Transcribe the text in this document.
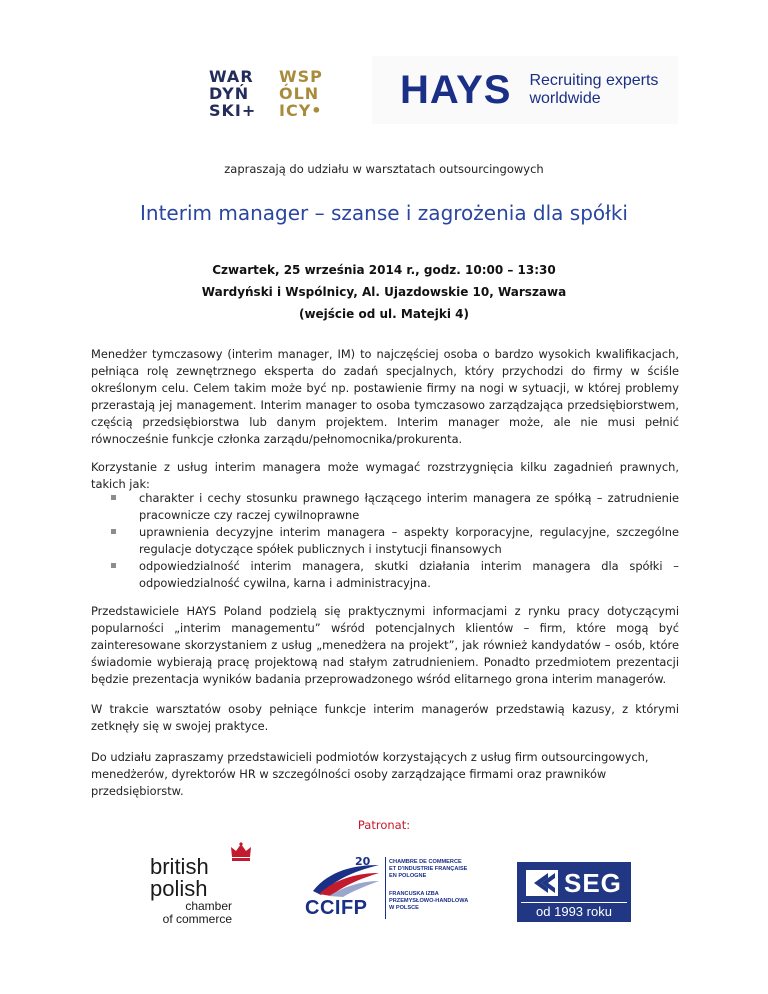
WAR	WSP
DYŃ	ÓLN
SKI+	ICY• HAYS Recruiting experts
worldwide
zapraszają do udziału w warsztatach outsourcingowych
Interim manager – szanse i zagrożenia dla spółki
Czwartek, 25 września 2014 r., godz. 10:00 – 13:30
Wardyński i Wspólnicy, Al. Ujazdowskie 10, Warszawa
(wejście od ul. Matejki 4)

Menedżer tymczasowy (interim manager, IM) to najczęściej osoba o bardzo wysokich kwalifikacjach, pełniąca rolę zewnętrznego eksperta do zadań specjalnych, który przychodzi do firmy w ściśle określonym celu. Celem takim może być np. postawienie firmy na nogi w sytuacji, w której problemy przerastają jej management. Interim manager to osoba tymczasowo zarządzająca przedsiębiorstwem, częścią przedsiębiorstwa lub danym projektem. Interim manager może, ale nie musi pełnić równocześnie funkcje członka zarządu/pełnomocnika/prokurenta.

Korzystanie z usług interim managera może wymagać rozstrzygnięcia kilku zagadnień prawnych, takich jak:

charakter i cechy stosunku prawnego łączącego interim managera ze spółką – zatrudnienie pracownicze czy raczej cywilnoprawne
uprawnienia decyzyjne interim managera – aspekty korporacyjne, regulacyjne, szczególne regulacje dotyczące spółek publicznych i instytucji finansowych
odpowiedzialność interim managera, skutki działania interim managera dla spółki – odpowiedzialność cywilna, karna i administracyjna.

Przedstawiciele HAYS Poland podzielą się praktycznymi informacjami z rynku pracy dotyczącymi popularności „interim managementu” wśród potencjalnych klientów – firm, które mogą być zainteresowane skorzystaniem z usług „menedżera na projekt”, jak również kandydatów – osób, które świadomie wybierają pracę projektową nad stałym zatrudnieniem. Ponadto przedmiotem prezentacji będzie prezentacja wyników badania przeprowadzonego wśród elitarnego grona interim managerów.

W trakcie warsztatów osoby pełniące funkcje interim managerów przedstawią kazusy, z którymi zetknęły się w swojej praktyce.

Do udziału zapraszamy przedstawicieli podmiotów korzystających z usług firm outsourcingowych, menedżerów, dyrektorów HR w szczególności osoby zarządzające firmami oraz prawników przedsiębiorstw.

Patronat:
british
polish
chamber
of commerce
20
CCIFP
CHAMBRE DE COMMERCE
ET D'INDUSTRIE FRANÇAISE
EN POLOGNE
FRANCUSKA IZBA
PRZEMYSŁOWO-HANDLOWA
W POLSCE
SEG
od 1993 roku
